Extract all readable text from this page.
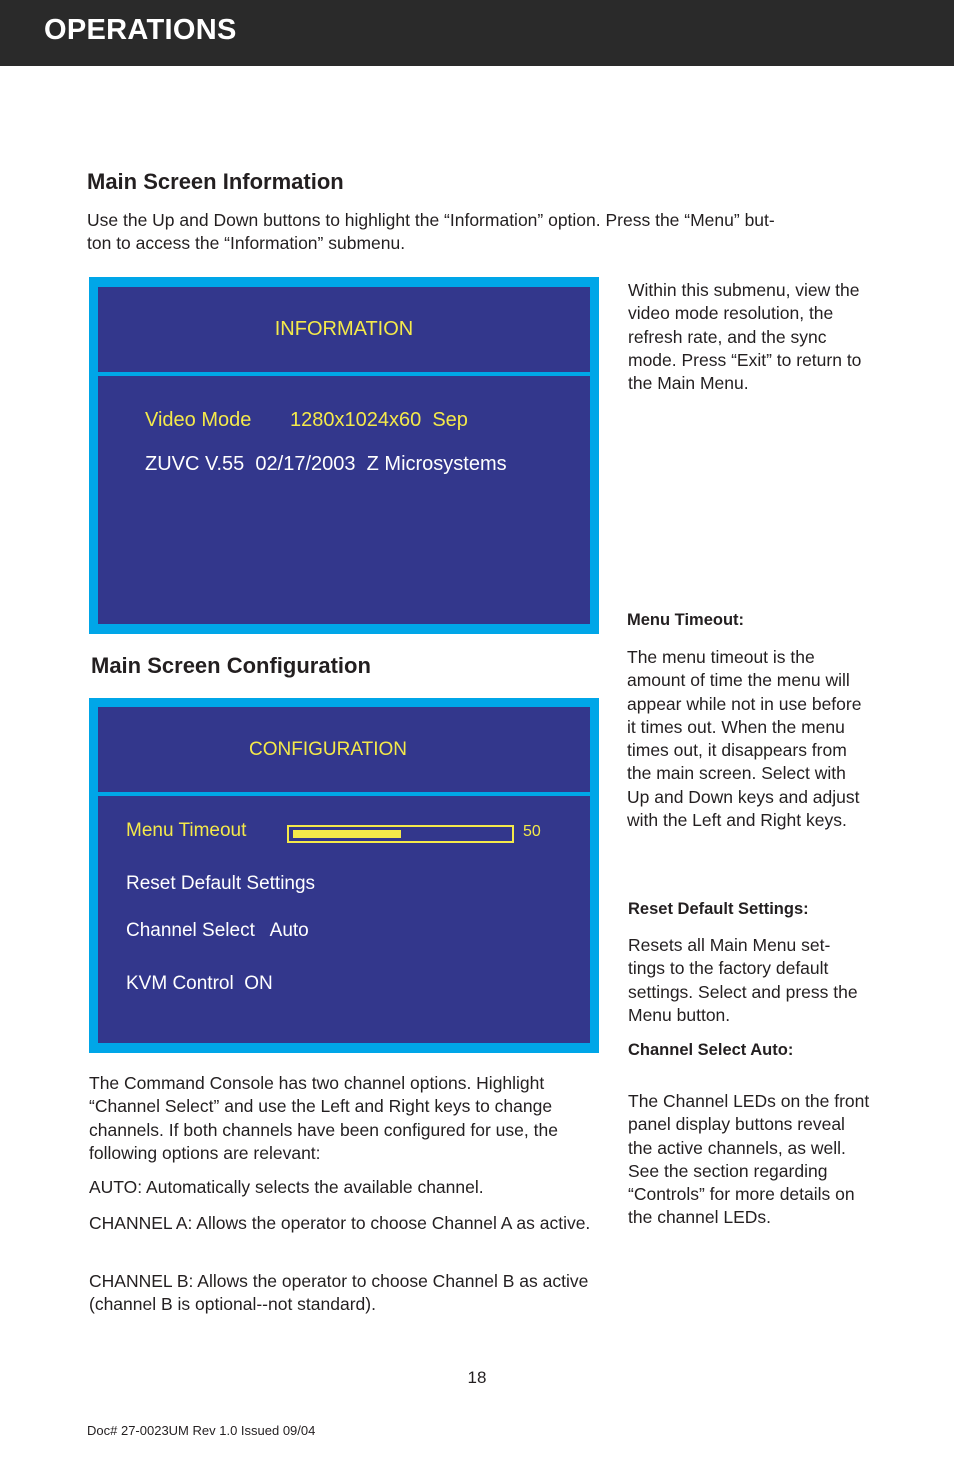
OPERATIONS
Main Screen Information

Use the Up and Down buttons to highlight the “Information” option. Press the “Menu” but-
ton to access the “Information” submenu.

INFORMATION
Video Mode 1280x1024x60  Sep
ZUVC V.55  02/17/2003  Z Microsystems

Within this submenu, view the video mode resolution, the refresh rate, and the sync mode. Press “Exit” to return to the Main Menu.

Main Screen Configuration
CONFIGURATION
Menu Timeout	50
Reset Default Settings
Channel Select   Auto
KVM Control  ON

The Command Console has two channel options. Highlight “Channel Select” and use the Left and Right keys to change channels. If both channels have been configured for use, the following options are relevant:

AUTO: Automatically selects the available channel.

CHANNEL A: Allows the operator to choose Channel A as active.

CHANNEL B: Allows the operator to choose Channel B as active (channel B is optional--not standard).

Menu Timeout:

The menu timeout is the amount of time the menu will appear while not in use before it times out. When the menu times out, it disappears from the main screen. Select with Up and Down keys and adjust with the Left and Right keys.

Reset Default Settings:

Resets all Main Menu set-tings to the factory default settings. Select and press the Menu button.

Channel Select Auto:

The Channel LEDs on the front panel display buttons reveal the active channels, as well. See the section regarding “Controls” for more details on the channel LEDs.

18
Doc# 27-0023UM Rev 1.0 Issued 09/04
